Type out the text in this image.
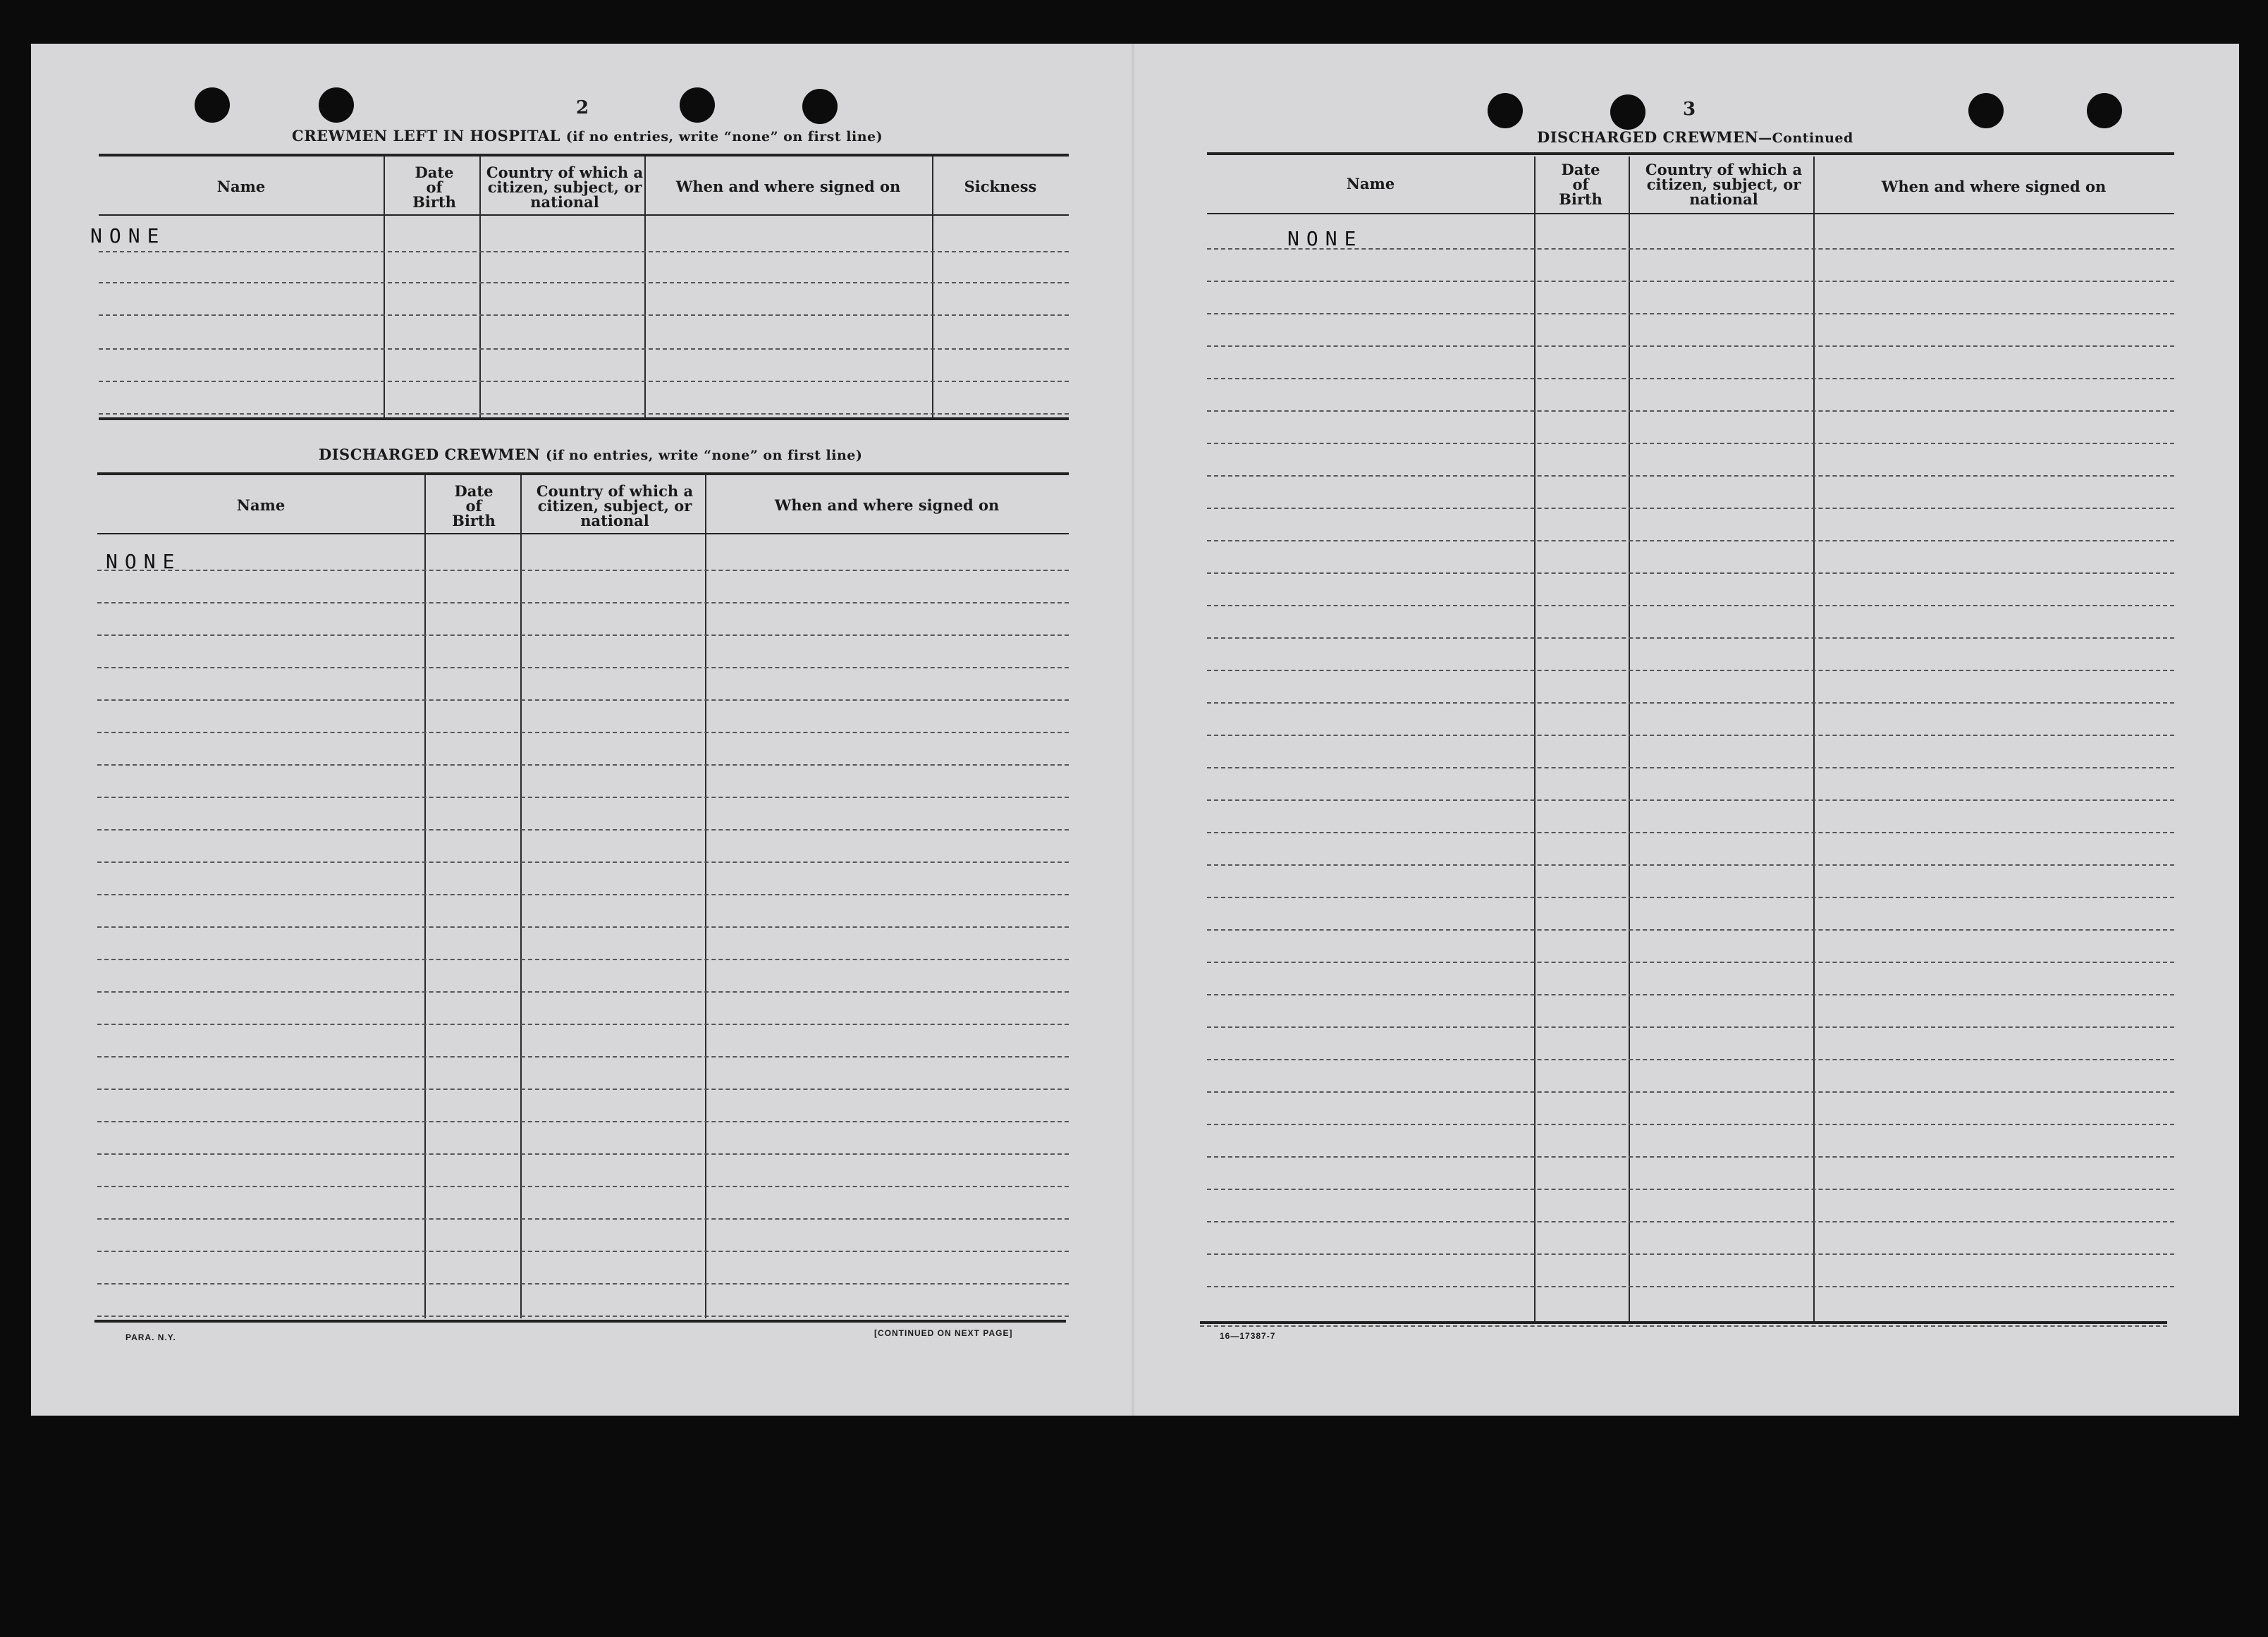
2
CREWMEN LEFT IN HOSPITAL (if no entries, write “none” on first line)
Name
Date of Birth
Country of which a citizen, subject, or national
When and where signed on	Sickness
NONE
DISCHARGED CREWMEN (if no entries, write “none” on first line)
Name
Date of Birth
Country of which a citizen, subject, or national
When and where signed on
NONE
PARA. N.Y.	[CONTINUED ON NEXT PAGE]
3
DISCHARGED CREWMEN—Continued
Name
Date of Birth
Country of which a citizen, subject, or national
When and where signed on
NONE
16—17387-7
